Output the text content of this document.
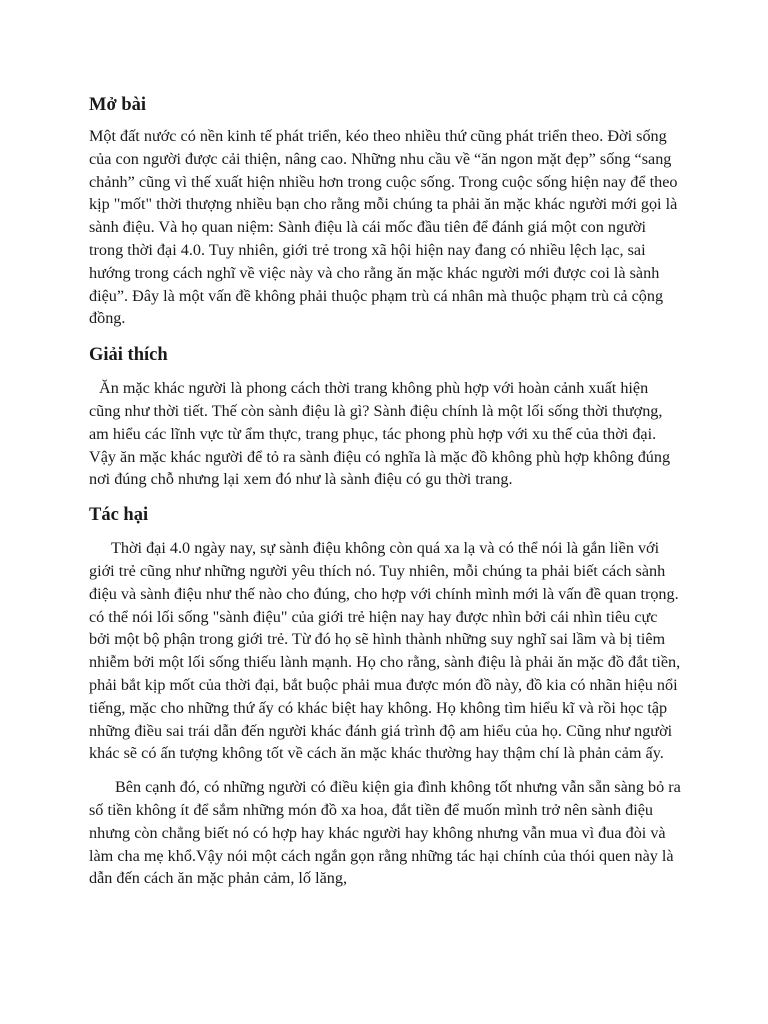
Mở bài

Một đất nước có nền kinh tế phát triển, kéo theo nhiều thứ cũng phát triển theo. Đời sống của con người được cải thiện, nâng cao. Những nhu cầu về “ăn ngon mặt đẹp” sống “sang chảnh” cũng vì thế xuất hiện nhiều hơn trong cuộc sống. Trong cuộc sống hiện nay để theo kịp "mốt" thời thượng nhiều bạn cho rằng mỗi chúng ta phải ăn mặc khác người mới gọi là sành điệu. Và họ quan niệm: Sành điệu là cái mốc đầu tiên để đánh giá một con người trong thời đại 4.0. Tuy nhiên, giới trẻ trong xã hội hiện nay đang có nhiều lệch lạc, sai hướng trong cách nghĩ về việc này và cho rằng ăn mặc khác người mới được coi là sành điệu”. Đây là một vấn đề không phải thuộc phạm trù cá nhân mà thuộc phạm trù cả cộng đồng.

Giải thích

Ăn mặc khác người là phong cách thời trang không phù hợp với hoàn cảnh xuất hiện cũng như thời tiết. Thế còn sành điệu là gì? Sành điệu chính là một lối sống thời thượng, am hiểu các lĩnh vực từ ẩm thực, trang phục, tác phong phù hợp với xu thế của thời đại. Vậy ăn mặc khác người để tỏ ra sành điệu có nghĩa là mặc đồ không phù hợp không đúng nơi đúng chỗ nhưng lại xem đó như là sành điệu có gu thời trang.

Tác hại

Thời đại 4.0 ngày nay, sự sành điệu không còn quá xa lạ và có thể nói là gắn liền với giới trẻ cũng như những người yêu thích nó. Tuy nhiên, mỗi chúng ta phải biết cách sành điệu và sành điệu như thế nào cho đúng, cho hợp với chính mình mới là vấn đề quan trọng. có thể nói lối sống "sành điệu" của giới trẻ hiện nay hay được nhìn bởi cái nhìn tiêu cực bởi một bộ phận trong giới trẻ. Từ đó họ sẽ hình thành những suy nghĩ sai lầm và bị tiêm nhiễm bởi một lối sống thiếu lành mạnh. Họ cho rằng, sành điệu là phải ăn mặc đồ đắt tiền, phải bắt kịp mốt của thời đại, bắt buộc phải mua được món đồ này, đồ kia có nhãn hiệu nổi tiếng, mặc cho những thứ ấy có khác biệt hay không. Họ không tìm hiểu kĩ và rồi học tập những điều sai trái dẫn đến người khác đánh giá trình độ am hiểu của họ. Cũng như người khác sẽ có ấn tượng không tốt về cách ăn mặc khác thường hay thậm chí là phản cảm ấy.

Bên cạnh đó, có những người có điều kiện gia đình không tốt nhưng vẫn sẵn sàng bỏ ra số tiền không ít để sắm những món đồ xa hoa, đắt tiền để muốn mình trở nên sành điệu nhưng còn chẳng biết nó có hợp hay khác người hay không nhưng vẫn mua vì đua đòi và làm cha mẹ khổ.Vậy nói một cách ngắn gọn rằng những tác hại chính của thói quen này là dẫn đến cách ăn mặc phản cảm, lố lăng,
